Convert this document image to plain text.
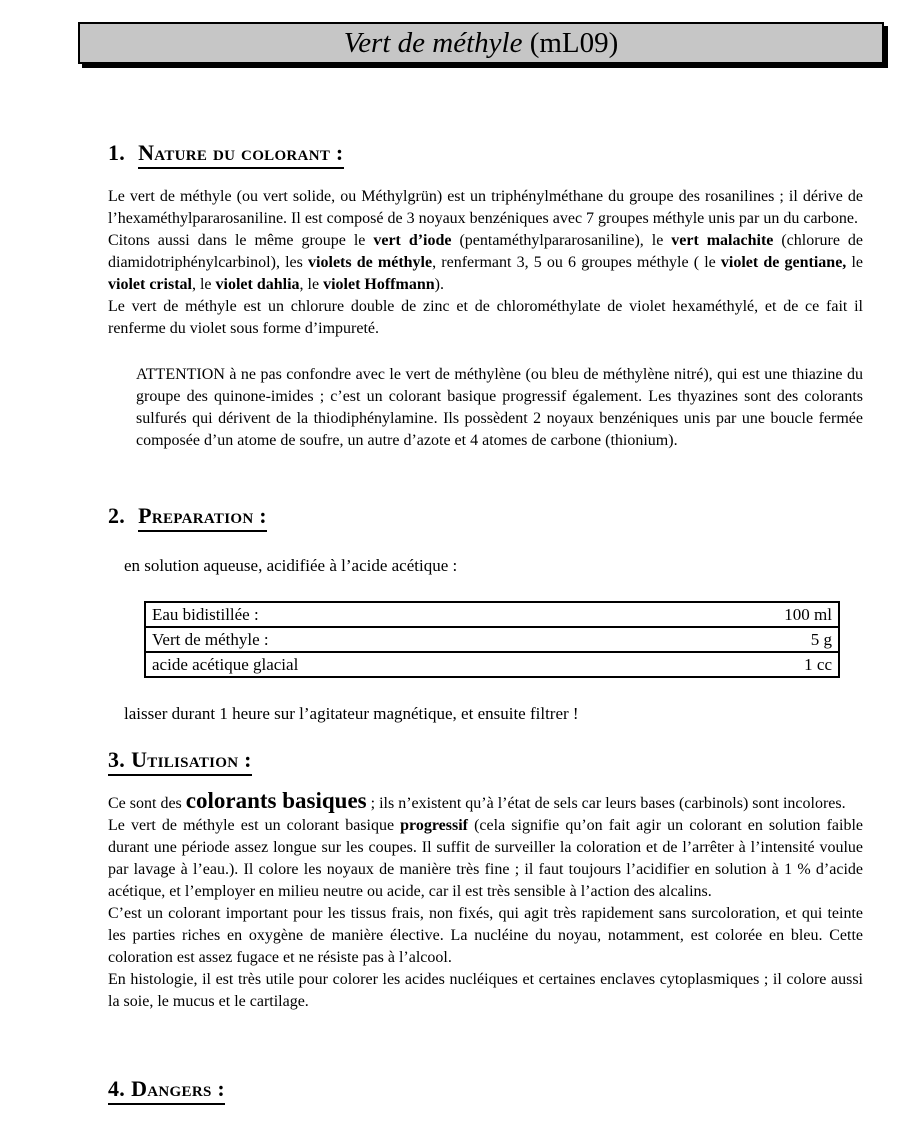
Vert de méthyle (mL09)
1. Nature du colorant :

Le vert de méthyle (ou vert solide, ou Méthylgrün) est un triphénylméthane du groupe des rosanilines ; il dérive de l’hexaméthylpararosaniline. Il est composé de 3 noyaux benzéniques avec 7 groupes méthyle unis par un du carbone.

Citons aussi dans le même groupe le vert d’iode (pentaméthylpararosaniline), le vert malachite (chlorure de diamidotriphénylcarbinol), les violets de méthyle, renfermant 3, 5 ou 6 groupes méthyle ( le violet de gentiane, le violet cristal, le violet dahlia, le violet Hoffmann).

Le vert de méthyle est un chlorure double de zinc et de chlorométhylate de violet hexaméthylé, et de ce fait il renferme du violet sous forme d’impureté.

ATTENTION à ne pas confondre avec le vert de méthylène (ou bleu de méthylène nitré), qui est une thiazine du groupe des quinone-imides ; c’est un colorant basique progressif également. Les thyazines sont des colorants sulfurés qui dérivent de la thiodiphénylamine. Ils possèdent 2 noyaux benzéniques unis par une boucle fermée composée d’un atome de soufre, un autre d’azote et 4 atomes de carbone (thionium).

2. Preparation :
en solution aqueuse, acidifiée à l’acide acétique :
Eau bidistillée :	100 ml
Vert de méthyle :	5 g
acide acétique glacial	1 cc
laisser durant 1 heure sur l’agitateur magnétique, et ensuite filtrer !
3. Utilisation :

Ce sont des colorants basiques ; ils n’existent qu’à l’état de sels car leurs bases (carbinols) sont incolores.

Le vert de méthyle est un colorant basique progressif (cela signifie qu’on fait agir un colorant en solution faible durant une période assez longue sur les coupes. Il suffit de surveiller la coloration et de l’arrêter à l’intensité voulue par lavage à l’eau.). Il colore les noyaux de manière très fine ; il faut toujours l’acidifier en solution à 1 % d’acide acétique, et l’employer en milieu neutre ou acide, car il est très sensible à l’action des alcalins.

C’est un colorant important pour les tissus frais, non fixés, qui agit très rapidement sans surcoloration, et qui teinte les parties riches en oxygène de manière élective. La nucléine du noyau, notamment, est colorée en bleu. Cette coloration est assez fugace et ne résiste pas à l’alcool.

En histologie, il est très utile pour colorer les acides nucléiques et certaines enclaves cytoplasmiques ; il colore aussi la soie, le mucus et le cartilage.

4. Dangers :
